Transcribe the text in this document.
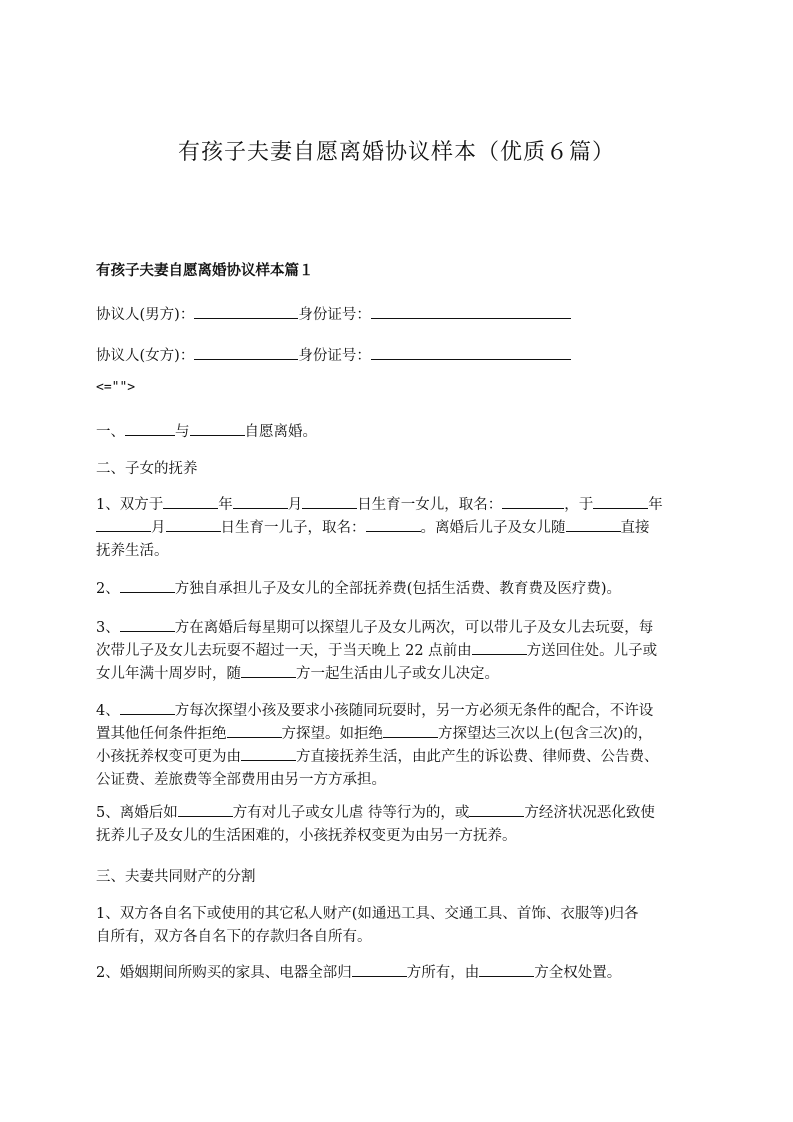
有孩子夫妻自愿离婚协议样本（优质６篇）
有孩子夫妻自愿离婚协议样本篇１
协议人(男方)：	身份证号：
协议人(女方)：	身份证号：
<="">
一、	与	自愿离婚。
二、子女的抚养
1、双方于	年	月	日生育一女儿，取名：	，于	年
月	日生育一儿子，取名：	。离婚后儿子及女儿随	直接
抚养生活。
2、	方独自承担儿子及女儿的全部抚养费(包括生活费、教育费及医疗费)。
3、	方在离婚后每星期可以探望儿子及女儿两次，可以带儿子及女儿去玩耍，每
次带儿子及女儿去玩耍不超过一天，于当天晚上 22 点前由	方送回住处。儿子或
女儿年满十周岁时，随	方一起生活由儿子或女儿决定。
4、	方每次探望小孩及要求小孩随同玩耍时，另一方必须无条件的配合，不许设
置其他任何条件拒绝	方探望。如拒绝	方探望达三次以上(包含三次)的，
小孩抚养权变可更为由	方直接抚养生活，由此产生的诉讼费、律师费、公告费、
公证费、差旅费等全部费用由另一方方承担。
5、离婚后如	方有对儿子或女儿虐 待等行为的，或	方经济状况恶化致使
抚养儿子及女儿的生活困难的，小孩抚养权变更为由另一方抚养。
三、夫妻共同财产的分割
1、双方各自名下或使用的其它私人财产(如通迅工具、交通工具、首饰、衣服等)归各
自所有，双方各自名下的存款归各自所有。
2、婚姻期间所购买的家具、电器全部归	方所有，由	方全权处置。
